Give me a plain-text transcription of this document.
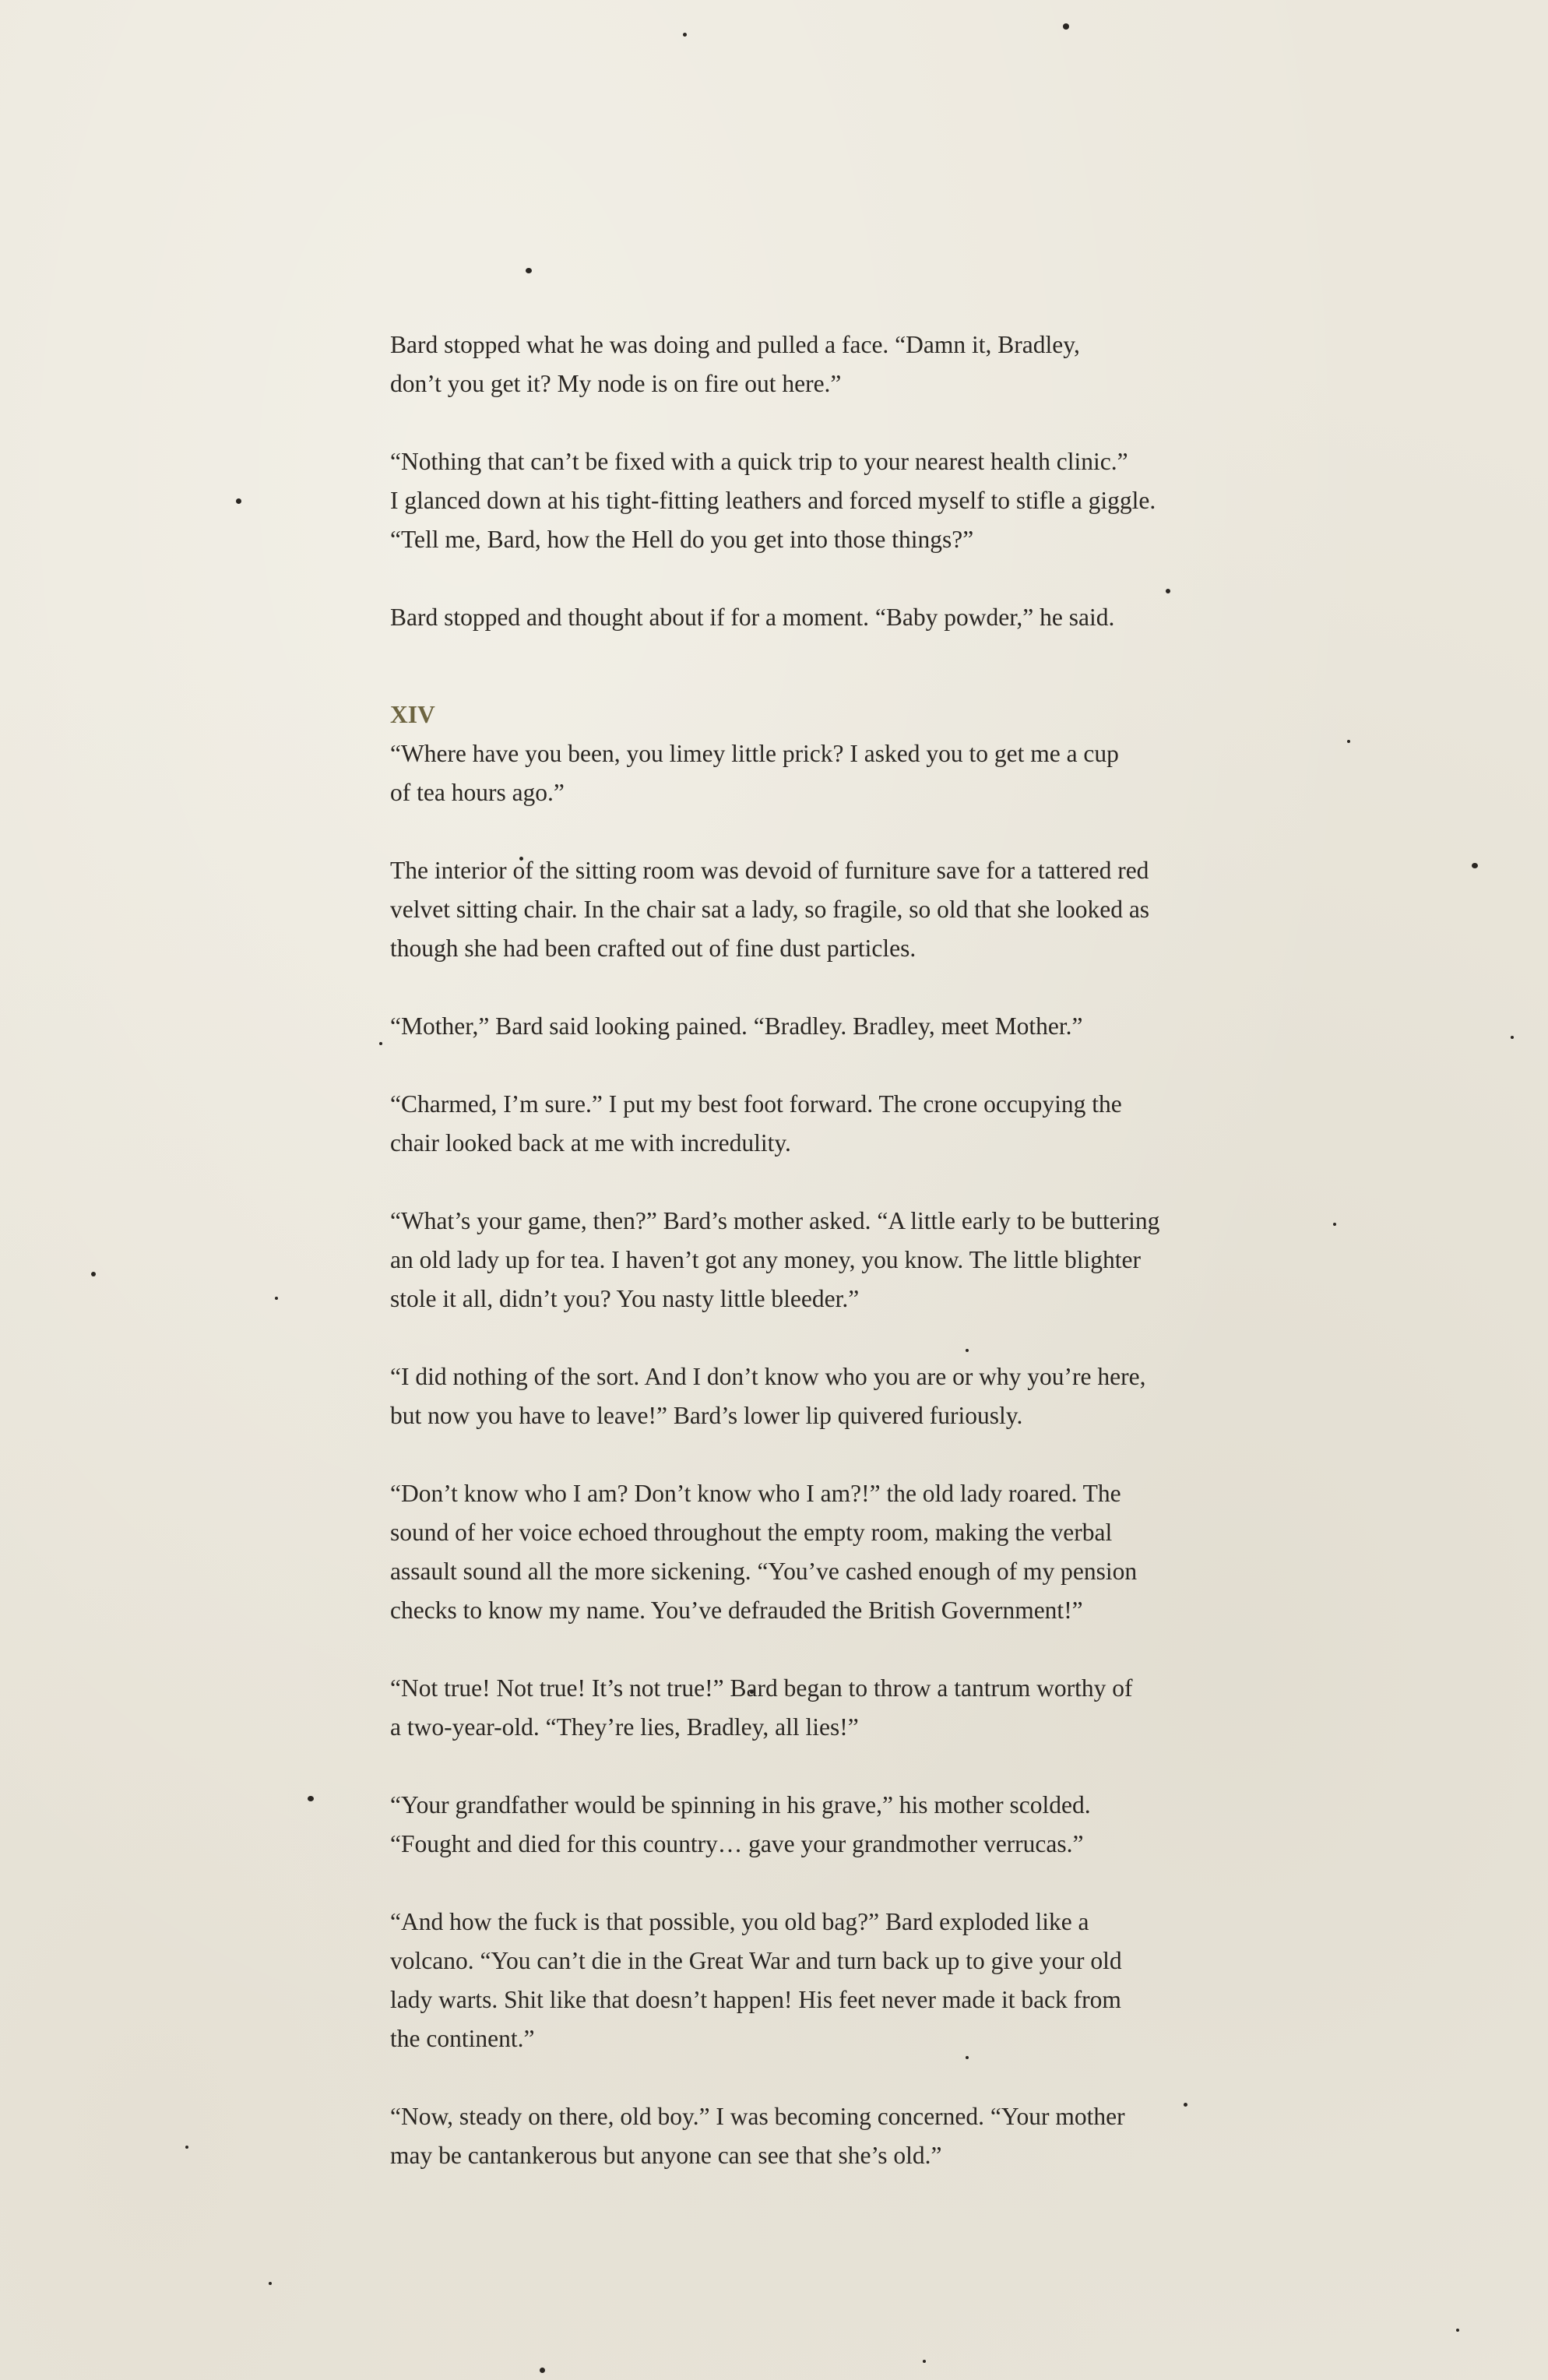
Bard stopped what he was doing and pulled a face. “Damn it, Bradley,
don’t you get it? My node is on fire out here.”

“Nothing that can’t be fixed with a quick trip to your nearest health clinic.”
I glanced down at his tight-fitting leathers and forced myself to stifle a giggle.
“Tell me, Bard, how the Hell do you get into those things?”

Bard stopped and thought about if for a moment. “Baby powder,” he said.

XIV

“Where have you been, you limey little prick? I asked you to get me a cup
of tea hours ago.”

The interior of the sitting room was devoid of furniture save for a tattered red
velvet sitting chair. In the chair sat a lady, so fragile, so old that she looked as
though she had been crafted out of fine dust particles.

“Mother,” Bard said looking pained. “Bradley. Bradley, meet Mother.”

“Charmed, I’m sure.” I put my best foot forward. The crone occupying the
chair looked back at me with incredulity.

“What’s your game, then?” Bard’s mother asked. “A little early to be buttering
an old lady up for tea. I haven’t got any money, you know. The little blighter
stole it all, didn’t you? You nasty little bleeder.”

“I did nothing of the sort. And I don’t know who you are or why you’re here,
but now you have to leave!” Bard’s lower lip quivered furiously.

“Don’t know who I am? Don’t know who I am?!” the old lady roared. The
sound of her voice echoed throughout the empty room, making the verbal
assault sound all the more sickening. “You’ve cashed enough of my pension
checks to know my name. You’ve defrauded the British Government!”

“Not true! Not true! It’s not true!” Bard began to throw a tantrum worthy of
a two-year-old. “They’re lies, Bradley, all lies!”

“Your grandfather would be spinning in his grave,” his mother scolded.
“Fought and died for this country… gave your grandmother verrucas.”

“And how the fuck is that possible, you old bag?” Bard exploded like a
volcano. “You can’t die in the Great War and turn back up to give your old
lady warts. Shit like that doesn’t happen! His feet never made it back from
the continent.”

“Now, steady on there, old boy.” I was becoming concerned. “Your mother
may be cantankerous but anyone can see that she’s old.”
